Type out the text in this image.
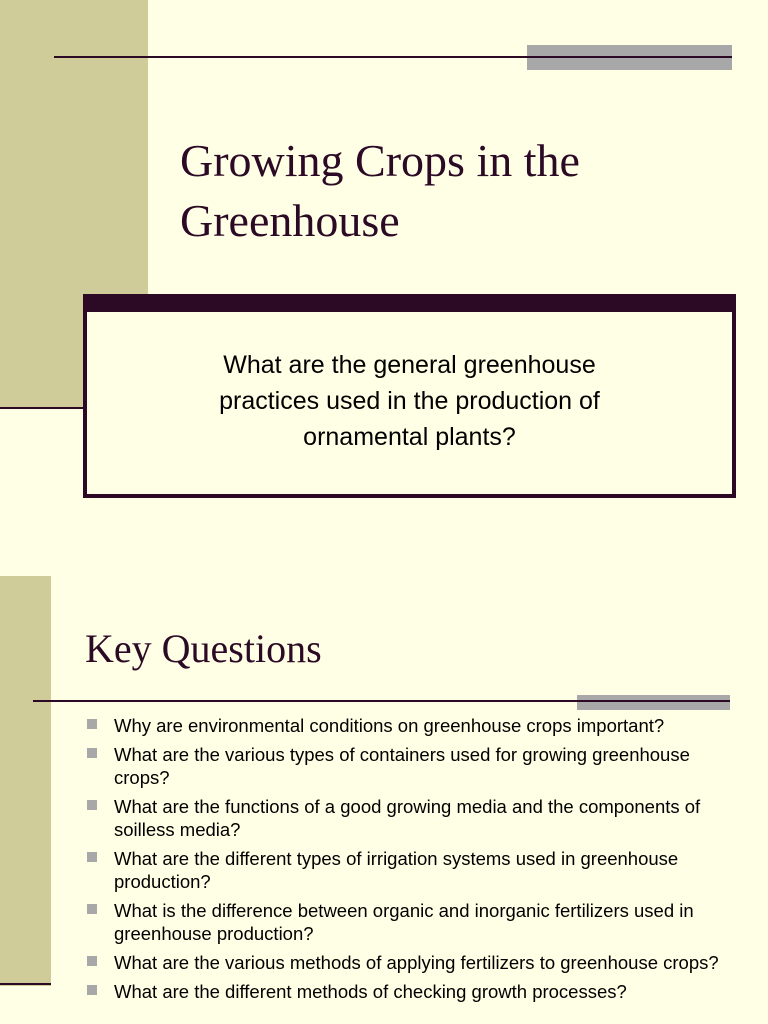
Growing Crops in the Greenhouse
What are the general greenhouse practices used in the production of ornamental plants?
Key Questions
Why are environmental conditions on greenhouse crops important?
What are the various types of containers used for growing greenhouse crops?
What are the functions of a good growing media and the components of soilless media?
What are the different types of irrigation systems used in greenhouse production?
What is the difference between organic and inorganic fertilizers used in greenhouse production?
What are the various methods of applying fertilizers to greenhouse crops?
What are the different methods of checking growth processes?
